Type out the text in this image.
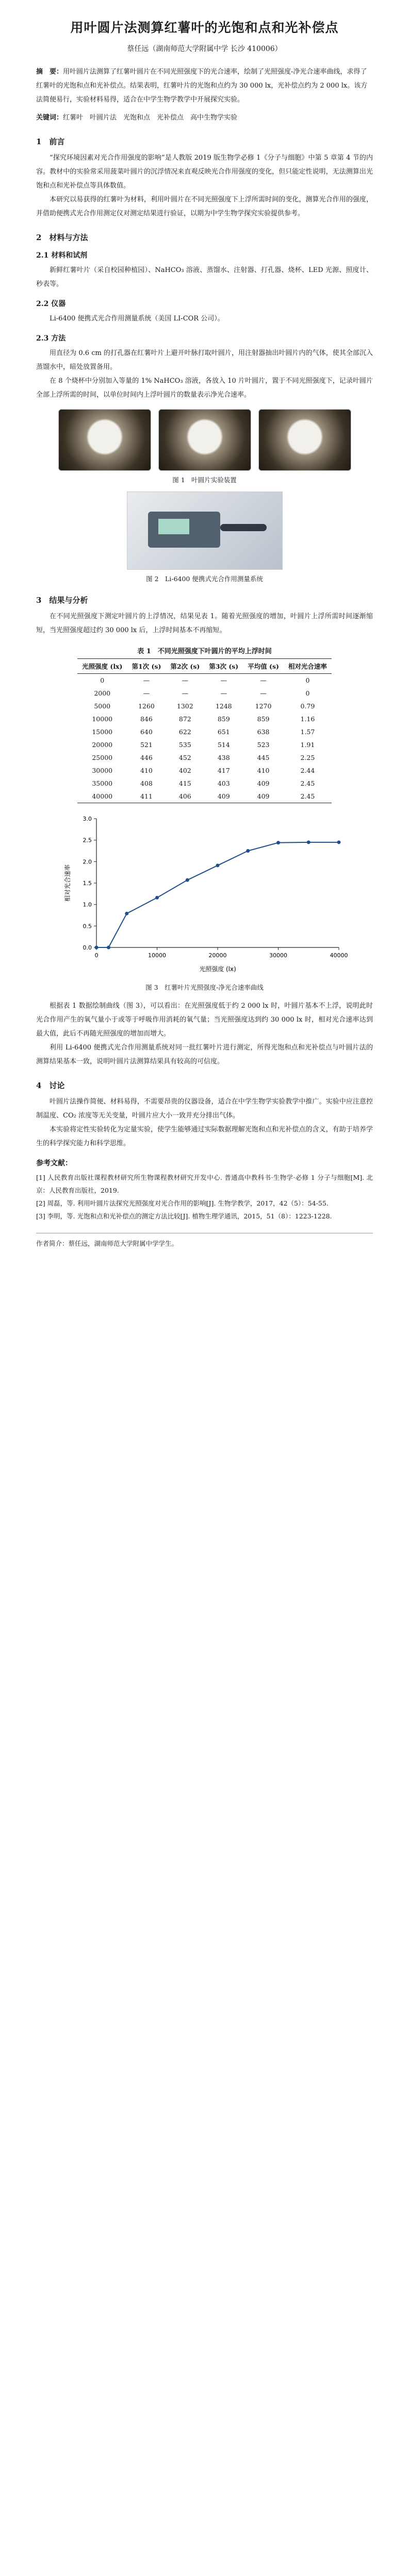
用叶圆片法测算红薯叶的光饱和点和光补偿点
蔡任远（湖南师范大学附属中学 长沙 410006）
摘　要：用叶圆片法测算了红薯叶圆片在不同光照强度下的光合速率，绘制了光照强度-净光合速率曲线，求得了红薯叶的光饱和点和光补偿点。结果表明，红薯叶片的光饱和点约为 30 000 lx，光补偿点约为 2 000 lx。该方法简便易行，实验材料易得，适合在中学生物学教学中开展探究实验。
关键词：红薯叶　叶圆片法　光饱和点　光补偿点　高中生物学实验
1　前言

“探究环境因素对光合作用强度的影响”是人教版 2019 版生物学必修 1《分子与细胞》中第 5 章第 4 节的内容。教材中的实验常采用菠菜叶圆片的沉浮情况来直观反映光合作用强度的变化，但只能定性说明，无法测算出光饱和点和光补偿点等具体数值。

本研究以易获得的红薯叶为材料，利用叶圆片在不同光照强度下上浮所需时间的变化，测算光合作用的强度，并借助便携式光合作用测定仪对测定结果进行验证，以期为中学生物学探究实验提供参考。

2　材料与方法
2.1 材料和试剂

新鲜红薯叶片（采自校园种植园）、NaHCO₃ 溶液、蒸馏水、注射器、打孔器、烧杯、LED 光源、照度计、秒表等。

2.2 仪器

Li-6400 便携式光合作用测量系统（美国 LI-COR 公司）。

2.3 方法

用直径为 0.6 cm 的打孔器在红薯叶片上避开叶脉打取叶圆片，用注射器抽出叶圆片内的气体，使其全部沉入蒸馏水中，暗处放置备用。

在 8 个烧杯中分别加入等量的 1% NaHCO₃ 溶液，各放入 10 片叶圆片，置于不同光照强度下，记录叶圆片全部上浮所需的时间，以单位时间内上浮叶圆片的数量表示净光合速率。

图 1　叶圆片实验装置
图 2　Li-6400 便携式光合作用测量系统
3　结果与分析

在不同光照强度下测定叶圆片的上浮情况，结果见表 1。随着光照强度的增加，叶圆片上浮所需时间逐渐缩短，当光照强度超过约 30 000 lx 后，上浮时间基本不再缩短。

表 1　不同光照强度下叶圆片的平均上浮时间
光照强度 (lx)	第1次 (s)	第2次 (s)	第3次 (s)	平均值 (s)	相对光合速率
0	—	—	—	—	0
2000	—	—	—	—	0
5000	1260	1302	1248	1270	0.79
10000	846	872	859	859	1.16
15000	640	622	651	638	1.57
20000	521	535	514	523	1.91
25000	446	452	438	445	2.25
30000	410	402	417	410	2.44
35000	408	415	403	409	2.45
40000	411	406	409	409	2.45
0	10000	20000	30000	40000
0.0
0.5
1.0
1.5
2.0
2.5
3.0
光照强度 (lx)
相对光合速率
图 3　红薯叶片光照强度-净光合速率曲线

根据表 1 数据绘制曲线（图 3），可以看出：在光照强度低于约 2 000 lx 时，叶圆片基本不上浮，说明此时光合作用产生的氧气量小于或等于呼吸作用消耗的氧气量；当光照强度达到约 30 000 lx 时，相对光合速率达到最大值，此后不再随光照强度的增加而增大。

利用 Li-6400 便携式光合作用测量系统对同一批红薯叶片进行测定，所得光饱和点和光补偿点与叶圆片法的测算结果基本一致，说明叶圆片法测算结果具有较高的可信度。

4　讨论

叶圆片法操作简便、材料易得，不需要昂贵的仪器设备，适合在中学生物学实验教学中推广。实验中应注意控制温度、CO₂ 浓度等无关变量，叶圆片应大小一致并充分排出气体。

本实验将定性实验转化为定量实验，使学生能够通过实际数据理解光饱和点和光补偿点的含义，有助于培养学生的科学探究能力和科学思维。

参考文献：

[1] 人民教育出版社课程教材研究所生物课程教材研究开发中心. 普通高中教科书·生物学·必修 1 分子与细胞[M]. 北京：人民教育出版社，2019.

[2] 周磊，等. 利用叶圆片法探究光照强度对光合作用的影响[J]. 生物学教学，2017，42（5）：54-55.

[3] 李明，等. 光饱和点和光补偿点的测定方法比较[J]. 植物生理学通讯，2015，51（8）：1223-1228.

作者简介：蔡任远，湖南师范大学附属中学学生。
